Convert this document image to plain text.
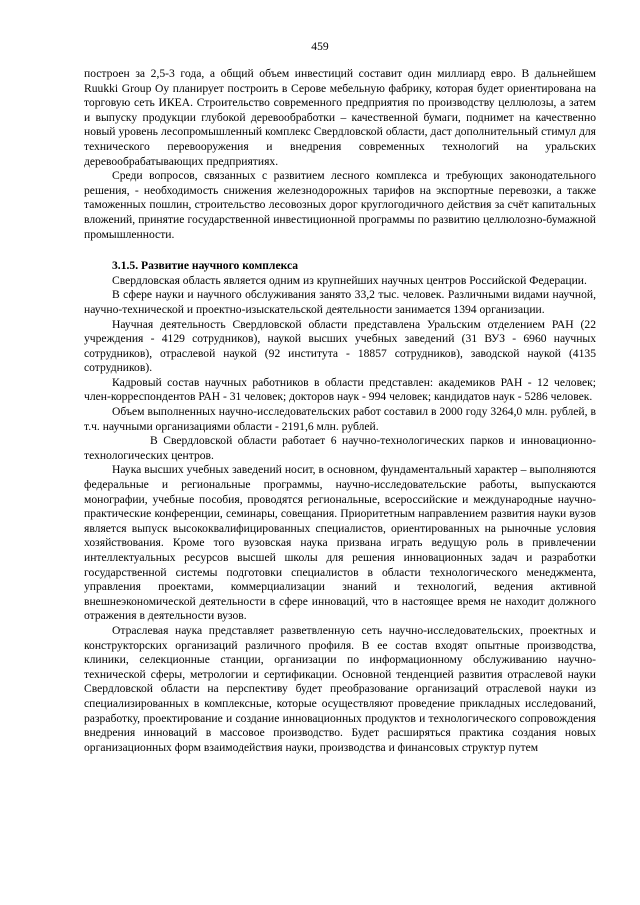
459

построен за 2,5-3 года, а общий объем инвестиций составит один миллиард евро. В дальнейшем Ruukki Group Oy планирует построить в Серове мебельную фабрику, которая будет ориентирована на торговую сеть ИКЕА. Строительство современного предприятия по производству целлюлозы, а затем и выпуску продукции глубокой деревообработки – качественной бумаги, поднимет на качественно новый уровень лесопромышленный комплекс Свердловской области, даст дополнительный стимул для технического перевооружения и внедрения современных технологий на уральских деревообрабатывающих предприятиях.

Среди вопросов, связанных с развитием лесного комплекса и требующих законодательного решения, - необходимость снижения железнодорожных тарифов на экспортные перевозки, а также таможенных пошлин, строительство лесовозных дорог круглогодичного действия за счёт капитальных вложений, принятие государственной инвестиционной программы по развитию целлюлозно-бумажной промышленности.

3.1.5. Развитие научного комплекса

Свердловская область является одним из крупнейших научных центров Российской Федерации.

В сфере науки и научного обслуживания занято 33,2 тыс. человек. Различными видами научной, научно-технической и проектно-изыскательской деятельности занимается 1394 организации.

Научная деятельность Свердловской области представлена Уральским отделением РАН (22 учреждения - 4129 сотрудников), наукой высших учебных заведений (31 ВУЗ - 6960 научных сотрудников), отраслевой наукой (92 института - 18857 сотрудников), заводской наукой (4135 сотрудников).

Кадровый состав научных работников в области представлен: академиков РАН - 12 человек; член-корреспондентов РАН - 31 человек; докторов наук - 994 человек; кандидатов наук - 5286 человек.

Объем выполненных научно-исследовательских работ составил в 2000 году 3264,0 млн. рублей, в т.ч. научными организациями области - 2191,6 млн. рублей.

В Свердловской области работает 6 научно-технологических парков и инновационно-технологических центров.

Наука высших учебных заведений носит, в основном, фундаментальный характер – выполняются федеральные и региональные программы, научно-исследовательские работы, выпускаются монографии, учебные пособия, проводятся региональные, всероссийские и международные научно-практические конференции, семинары, совещания. Приоритетным направлением развития науки вузов является выпуск высококвалифицированных специалистов, ориентированных на рыночные условия хозяйствования. Кроме того вузовская наука призвана играть ведущую роль в привлечении интеллектуальных ресурсов высшей школы для решения инновационных задач и разработки государственной системы подготовки специалистов в области технологического менеджмента, управления проектами, коммерциализации знаний и технологий, ведения активной внешнеэкономической деятельности в сфере инноваций, что в настоящее время не находит должного отражения в деятельности вузов.

Отраслевая наука представляет разветвленную сеть научно-исследовательских, проектных и конструкторских организаций различного профиля. В ее состав входят опытные производства, клиники, селекционные станции, организации по информационному обслуживанию научно-технической сферы, метрологии и сертификации. Основной тенденцией развития отраслевой науки Свердловской области на перспективу будет преобразование организаций отраслевой науки из специализированных в комплексные, которые осуществляют проведение прикладных исследований, разработку, проектирование и создание инновационных продуктов и технологического сопровождения внедрения инноваций в массовое производство. Будет расширяться практика создания новых организационных форм взаимодействия науки, производства и финансовых структур путем
